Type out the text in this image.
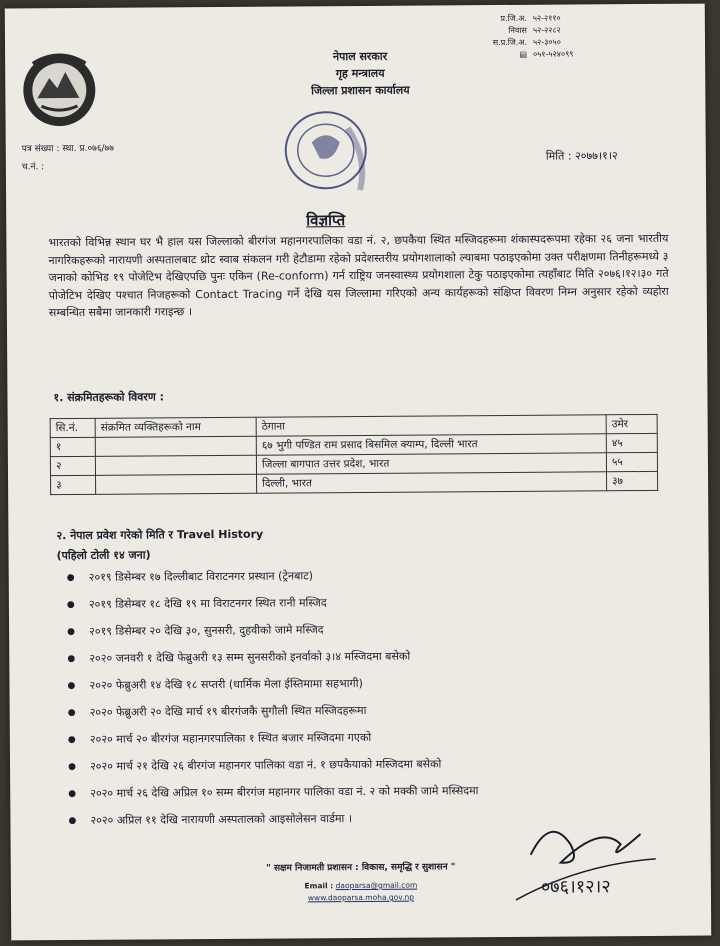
नेपाल सरकार
गृह मन्त्रालय
जिल्ला प्रशासन कार्यालय
प्र.जि.अ. ५२-२११०
निवास ५२-२२८२
स.प्र.जि.अ. ५२-३०५०
▤ ०५१-५२४०९९
पत्र संख्या : स्था. प्र.०७६/७७
च.नं. :
मिति : २०७७।१।२
विज्ञप्ति
भारतको विभिन्न स्थान घर भै हाल यस जिल्लाको बीरगंज महानगरपालिका वडा नं. २, छपकैया स्थित मस्जिदहरूमा शंकास्पदरूपमा रहेका २६ जना भारतीय नागरिकहरूको नारायणी अस्पतालबाट थ्रोट स्वाब संकलन गरी हेटौडामा रहेको प्रदेशस्तरीय प्रयोगशालाको ल्याबमा पठाइएकोमा उक्त परीक्षणमा तिनीहरूमध्ये ३ जनाको कोभिड १९ पोजेटिभ देखिएपछि पुनः एकिन (Re-conform) गर्न राष्ट्रिय जनस्वास्थ्य प्रयोगशाला टेकु पठाइएकोमा त्यहाँबाट मिति २०७६।१२।३० गते पोजेटिभ देखिए पश्चात निजहरूको Contact Tracing गर्ने देखि यस जिल्लामा गरिएको अन्य कार्यहरूको संक्षिप्त विवरण निम्न अनुसार रहेको व्यहोरा सम्बन्धित सबैमा जानकारी गराइन्छ ।
१. संक्रमितहरूको विवरण :
सि.नं.	संक्रमित व्यक्तिहरूको नाम	ठेगाना	उमेर
१		६७ भुगी पण्डित राम प्रसाद बिसमिल क्याम्प, दिल्ली भारत	४५
२		जिल्ला बागपात उत्तर प्रदेश, भारत	५५
३		दिल्ली, भारत	३७
२. नेपाल प्रवेश गरेको मिति र Travel History
(पहिलो टोली १४ जना)
● २०१९ डिसेम्बर १७ दिल्लीबाट विराटनगर प्रस्थान (ट्रेनबाट)
● २०१९ डिसेम्बर १८ देखि १९ मा विराटनगर स्थित रानी मस्जिद
● २०१९ डिसेम्बर २० देखि ३०, सुनसरी, दुहवीको जामे मस्जिद
● २०२० जनवरी १ देखि फेब्रुअरी १३ सम्म सुनसरीको इनर्वाको ३।४ मस्जिदमा बसेको
● २०२० फेब्रुअरी १४ देखि १८ सप्तरी (धार्मिक मेला ईस्तिमामा सहभागी)
● २०२० फेब्रुअरी २० देखि मार्च १९ बीरगंजकै सुगौली स्थित मस्जिदहरूमा
● २०२० मार्च २० बीरगंज महानगरपालिका १ स्थित बजार मस्जिदमा गएको
● २०२० मार्च २१ देखि २६ बीरगंज महानगर पालिका वडा नं. १ छपकैयाको मस्जिदमा बसेको
● २०२० मार्च २६ देखि अप्रिल १० सम्म बीरगंज महानगर पालिका वडा नं. २ को मक्की जामे मस्सिदमा
● २०२० अप्रिल ११ देखि नारायणी अस्पतालको आइसोलेसन वार्डमा ।
०७६।१२।२
" सक्षम निजामती प्रशासन : विकास, समृद्धि र सुशासन "
Email : daoparsa@gmail.com
www.daoparsa.moha.gov.np
